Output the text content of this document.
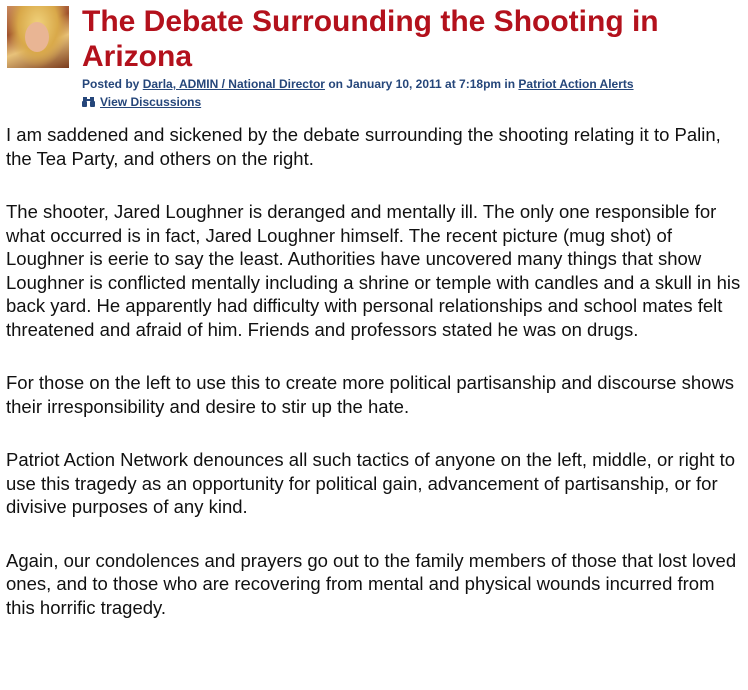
The Debate Surrounding the Shooting in Arizona
Posted by Darla, ADMIN / National Director on January 10, 2011 at 7:18pm in Patriot Action Alerts
View Discussions

I am saddened and sickened by the debate surrounding the shooting relating it to Palin, the Tea Party, and others on the right.

The shooter, Jared Loughner is deranged and mentally ill. The only one responsible for what occurred is in fact, Jared Loughner himself. The recent picture (mug shot) of Loughner is eerie to say the least. Authorities have uncovered many things that show Loughner is conflicted mentally including a shrine or temple with candles and a skull in his back yard. He apparently had difficulty with personal relationships and school mates felt threatened and afraid of him. Friends and professors stated he was on drugs.

For those on the left to use this to create more political partisanship and discourse shows their irresponsibility and desire to stir up the hate.

Patriot Action Network denounces all such tactics of anyone on the left, middle, or right to use this tragedy as an opportunity for political gain, advancement of partisanship, or for divisive purposes of any kind.

Again, our condolences and prayers go out to the family members of those that lost loved ones, and to those who are recovering from mental and physical wounds incurred from this horrific tragedy.
